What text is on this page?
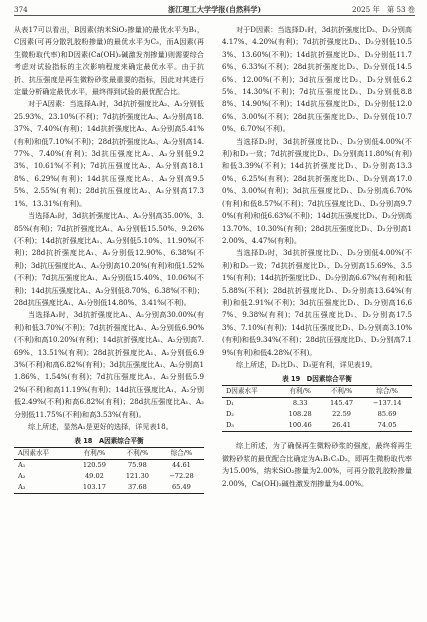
374	浙江理工大学学报(自然科学)	2025 年　第 53 卷

从表17可以看出，B因素(纳米SiO₂掺量)的最优水平为B₁，C因素(可再分散乳胶粉掺量)的最优水平为C₃，而A因素(再生微粉取代率)和D因素(Ca(OH)₂碱激发剂掺量)则需要综合考虑对试验指标的主次影响程度来确定最优水平。由于抗折、抗压强度是再生微粉砂浆最重要的指标，因此对其进行定量分析确定最优水平，最终得到试验的最优配合比。

对于A因素：当选择A₁时，3d抗折强度比A₂、A₃分别低25.93%、23.10%(不利)；7d抗折强度比A₂、A₃分别高18.37%、7.40%(有利)；14d抗折强度比A₂、A₃分别高5.41%(有利)和低7.10%(不利)；28d抗折强度比A₂、A₃分别高14.77%、7.40%(有利)；3d抗压强度比A₂、A₃分别低9.23%、10.61%(不利)；7d抗压强度比A₂、A₃分别高18.18%、6.29%(有利)；14d抗压强度比A₂、A₃分别高9.55%、2.55%(有利)；28d抗压强度比A₂、A₃分别高17.31%、13.31%(有利)。

当选择A₂时，3d抗折强度比A₁、A₃分别高35.00%、3.85%(有利)；7d抗折强度比A₁、A₃分别低15.50%、9.26%(不利)；14d抗折强度比A₁、A₃分别低5.10%、11.90%(不利)；28d抗折强度比A₁、A₃分别低12.90%、6.38%(不利)；3d抗压强度比A₁、A₃分别高10.20%(有利)和低1.52%(不利)；7d抗压强度比A₁、A₃分别低15.40%、10.06%(不利)；14d抗压强度比A₁、A₃分别低8.70%、6.38%(不利)；28d抗压强度比A₁、A₃分别低14.80%、3.41%(不利)。

当选择A₃时，3d抗折强度比A₁、A₂分别高30.00%(有利)和低3.70%(不利)；7d抗折强度比A₁、A₂分别低6.90%(不利)和高10.20%(有利)；14d抗折强度比A₁、A₂分别高7.69%、13.51%(有利)；28d抗折强度比A₁、A₂分别低6.93%(不利)和高6.82%(有利)；3d抗压强度比A₁、A₂分别高11.86%、1.54%(有利)；7d抗压强度比A₁、A₂分别低5.92%(不利)和高11.19%(有利)；14d抗压强度比A₁、A₂分别低2.49%(不利)和高6.82%(有利)；28d抗压强度比A₁、A₂分别低11.75%(不利)和高3.53%(有利)。

综上所述，显然A₁是更好的选择，详见表18。

表 18　A因素综合平衡
A因素水平	有利/%	不利/%	综合/%
A₁	120.59	75.98	44.61
A₂	49.02	121.30	−72.28
A₃	103.17	37.68	65.49

对于D因素：当选择D₁时，3d抗折强度比D₂、D₃分别高4.17%、4.20%(有利)；7d抗折强度比D₂、D₃分别低10.53%、13.60%(不利)；14d抗折强度比D₂、D₃分别低11.76%、6.33%(不利)；28d抗折强度比D₂、D₃分别低14.56%、12.00%(不利)；3d抗压强度比D₂、D₃分别低6.25%、14.30%(不利)；7d抗压强度比D₂、D₃分别低8.88%、14.90%(不利)；14d抗压强度比D₂、D₃分别低12.06%、3.00%(不利)；28d抗压强度比D₂、D₃分别低10.70%、6.70%(不利)。

当选择D₂时，3d抗折强度比D₁、D₃分别低4.00%(不利)和D₃一致；7d抗折强度比D₁、D₃分别高11.80%(有利)和低3.39%(不利)；14d抗折强度比D₁、D₃分别高13.30%、6.25%(有利)；28d抗折强度比D₁、D₃分别高17.00%、3.00%(有利)；3d抗压强度比D₁、D₃分别高6.70%(有利)和低8.57%(不利)；7d抗压强度比D₁、D₃分别高9.70%(有利)和低6.63%(不利)；14d抗压强度比D₁、D₃分别高13.70%、10.30%(有利)；28d抗压强度比D₁、D₃分别高12.00%、4.47%(有利)。

当选择D₃时，3d抗折强度比D₁、D₂分别低4.00%(不利)和D₂一致；7d抗折强度比D₁、D₂分别高15.69%、3.51%(有利)；14d抗折强度比D₁、D₂分别高6.67%(有利)和低5.88%(不利)；28d抗折强度比D₁、D₂分别高13.64%(有利)和低2.91%(不利)；3d抗压强度比D₁、D₂分别高16.67%、9.38%(有利)；7d抗压强度比D₁、D₂分别高17.53%、7.10%(有利)；14d抗压强度比D₁、D₂分别高3.10%(有利)和低9.34%(不利)；28d抗压强度比D₁、D₂分别高7.19%(有利)和低4.28%(不利)。

综上所述，D₂比D₁、D₃更有利，详见表19。

表 19　D因素综合平衡
D因素水平	有利/%	不利/%	综合/%
D₁	8.33	145.47	−137.14
D₂	108.28	22.59	85.69
D₃	100.46	26.41	74.05

综上所述，为了确保再生微粉砂浆的强度，最终将再生微粉砂浆的最优配合比确定为A₁B₁C₃D₂，即再生微粉取代率为15.00%，纳米SiO₂掺量为2.00%，可再分散乳胶粉掺量2.00%，Ca(OH)₂碱性激发剂掺量为4.00%。
